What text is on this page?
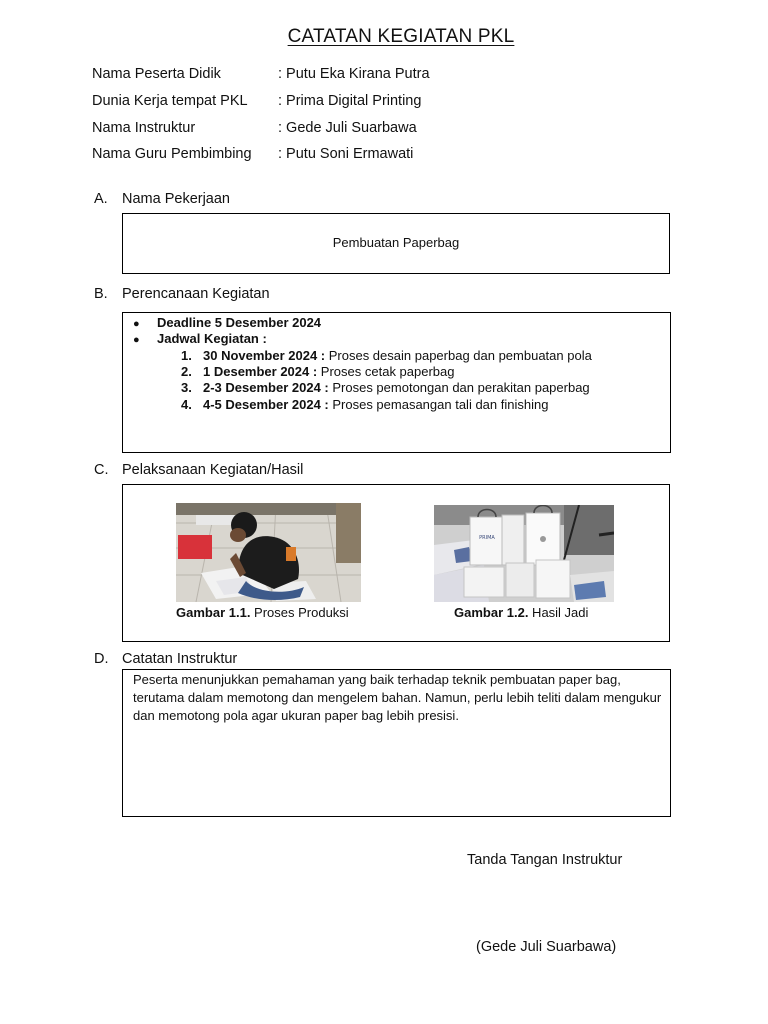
CATATAN KEGIATAN PKL
Nama Peserta Didik	: Putu Eka Kirana Putra
Dunia Kerja tempat PKL : Prima Digital Printing
Nama Instruktur	: Gede Juli Suarbawa
Nama Guru Pembimbing : Putu Soni Ermawati
A. Nama Pekerjaan
Pembuatan Paperbag
B. Perencanaan Kegiatan
● Deadline 5 Desember 2024
● Jadwal Kegiatan :
1. 30 November 2024 : Proses desain paperbag dan pembuatan pola
2. 1 Desember 2024 : Proses cetak paperbag
3. 2-3 Desember 2024 : Proses pemotongan dan perakitan paperbag
4. 4-5 Desember 2024 : Proses pemasangan tali dan finishing
C. Pelaksanaan Kegiatan/Hasil
Gambar 1.1. Proses Produksi
PRIMA
Gambar 1.2. Hasil Jadi
D. Catatan Instruktur
Peserta menunjukkan pemahaman yang baik terhadap teknik pembuatan paper bag, terutama dalam memotong dan mengelem bahan. Namun, perlu lebih teliti dalam mengukur dan memotong pola agar ukuran paper bag lebih presisi.
Tanda Tangan Instruktur
(Gede Juli Suarbawa)
